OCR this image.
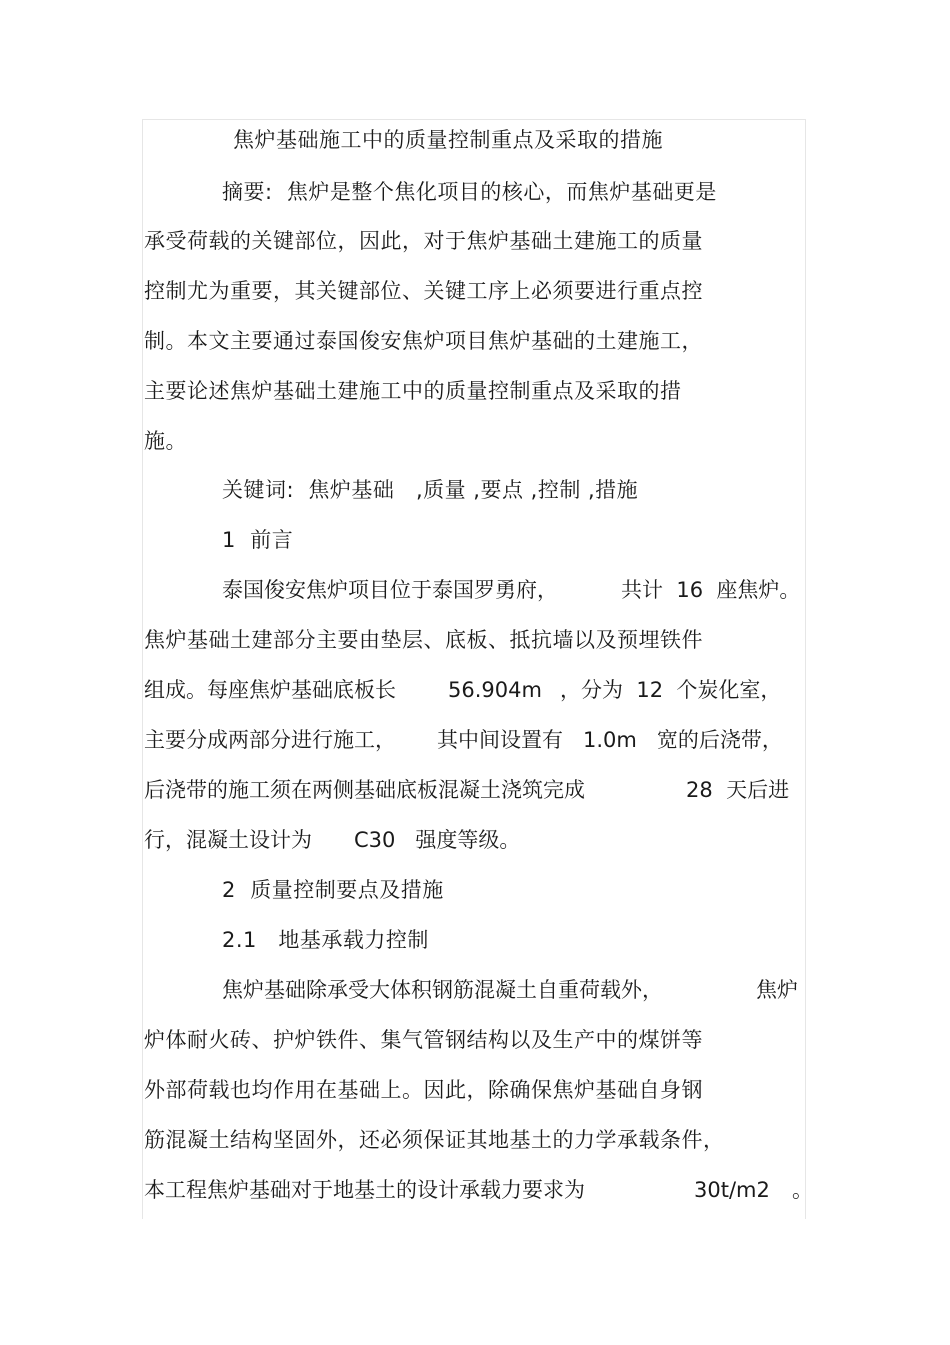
焦炉基础施工中的质量控制重点及采取的措施
摘要:  焦炉是整个焦化项目的核心，而焦炉基础更是
承受荷载的关键部位，因此，对于焦炉基础土建施工的质量
控制尤为重要，其关键部位、关键工序上必须要进行重点控
制。本文主要通过泰国俊安焦炉项目焦炉基础的土建施工，
主要论述焦炉基础土建施工中的质量控制重点及采取的措
施。
关键词:  焦炉基础   ,质量 ,要点 ,控制 ,措施
1  前言
泰国俊安焦炉项目位于泰国罗勇府，	共计  16  座焦炉。
焦炉基础土建部分主要由垫层、底板、抵抗墙以及预埋铁件
组成。每座焦炉基础底板长 56.904m ，分为  12  个炭化室，
主要分成两部分进行施工， 其中间设置有   1.0m   宽的后浇带，
后浇带的施工须在两侧基础底板混凝土浇筑完成	28  天后进
行，混凝土设计为 C30   强度等级。
2  质量控制要点及措施
2.1   地基承载力控制
焦炉基础除承受大体积钢筋混凝土自重荷载外，	焦炉
炉体耐火砖、护炉铁件、集气管钢结构以及生产中的煤饼等
外部荷载也均作用在基础上。因此，除确保焦炉基础自身钢
筋混凝土结构坚固外，还必须保证其地基土的力学承载条件，
本工程焦炉基础对于地基土的设计承载力要求为	30t/m2 。
